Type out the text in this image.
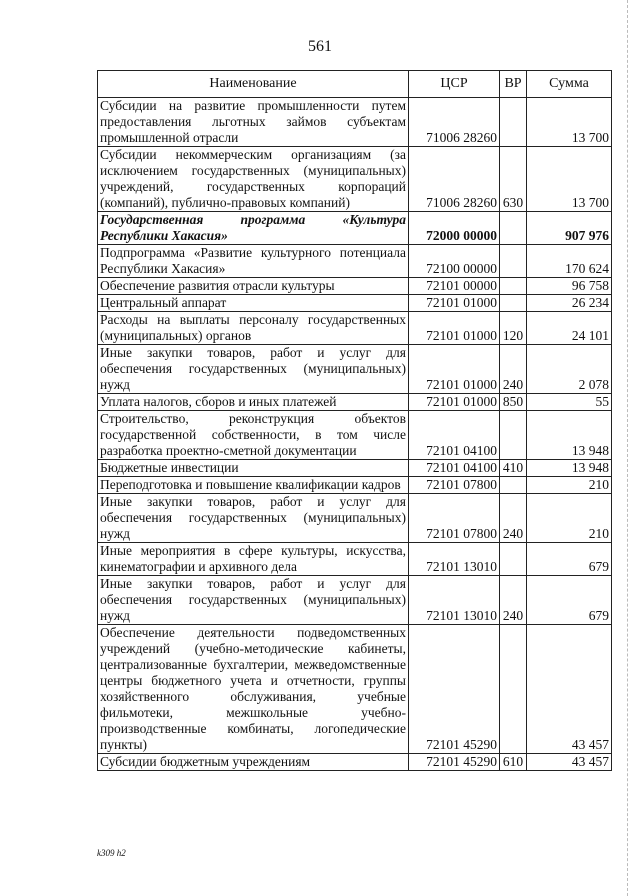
561
Наименование	ЦСР	ВР	Сумма
Субсидии на развитие промышленности путем предоставления льготных займов субъектам промышленной отрасли	71006 28260		13 700
Субсидии некоммерческим организациям (за исключением государственных (муниципальных) учреждений, государственных корпораций (компаний), публично-правовых компаний)	71006 28260	630	13 700
Государственная программа «Культура Республики Хакасия»	72000 00000		907 976
Подпрограмма «Развитие культурного потенциала Республики Хакасия»	72100 00000		170 624
Обеспечение развития отрасли культуры	72101 00000		96 758
Центральный аппарат	72101 01000		26 234
Расходы на выплаты персоналу государственных (муниципальных) органов	72101 01000	120	24 101
Иные закупки товаров, работ и услуг для обеспечения государственных (муниципальных) нужд	72101 01000	240	2 078
Уплата налогов, сборов и иных платежей	72101 01000	850	55
Строительство, реконструкция объектов государственной собственности, в том числе разработка проектно-сметной документации	72101 04100		13 948
Бюджетные инвестиции	72101 04100	410	13 948
Переподготовка и повышение квалификации кадров	72101 07800		210
Иные закупки товаров, работ и услуг для обеспечения государственных (муниципальных) нужд	72101 07800	240	210
Иные мероприятия в сфере культуры, искусства, кинематографии и архивного дела	72101 13010		679
Иные закупки товаров, работ и услуг для обеспечения государственных (муниципальных) нужд	72101 13010	240	679
Обеспечение деятельности подведомственных учреждений (учебно-методические кабинеты, централизованные бухгалтерии, межведомственные центры бюджетного учета и отчетности, группы хозяйственного обслуживания, учебные фильмотеки, межшкольные учебно-производственные комбинаты, логопедические пункты)	72101 45290		43 457
Субсидии бюджетным учреждениям	72101 45290	610	43 457
k309 h2
